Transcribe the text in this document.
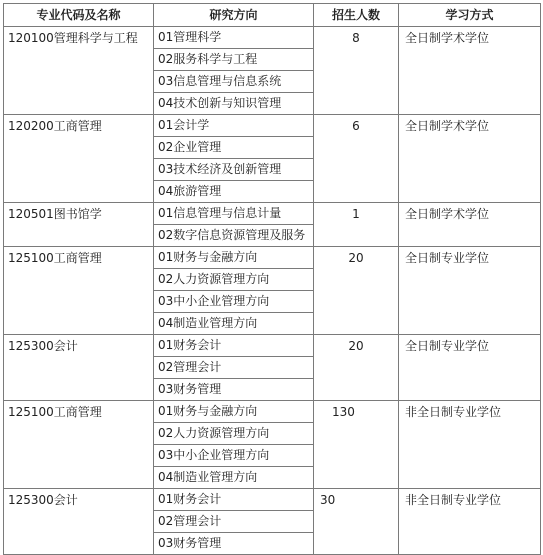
专业代码及名称	研究方向	招生人数	学习方式
120100管理科学与工程	01管理科学	8	全日制学术学位
	02服务科学与工程		
	03信息管理与信息系统		
	04技术创新与知识管理		
120200工商管理	01会计学	6	全日制学术学位
	02企业管理		
	03技术经济及创新管理		
	04旅游管理		
120501图书馆学	01信息管理与信息计量	1	全日制学术学位
	02数字信息资源管理及服务		
125100工商管理	01财务与金融方向	20	全日制专业学位
	02人力资源管理方向		
	03中小企业管理方向		
	04制造业管理方向		
125300会计	01财务会计	20	全日制专业学位
	02管理会计		
	03财务管理		
125100工商管理	01财务与金融方向	130	非全日制专业学位
	02人力资源管理方向		
	03中小企业管理方向		
	04制造业管理方向		
125300会计	01财务会计	30	非全日制专业学位
	02管理会计		
	03财务管理		
